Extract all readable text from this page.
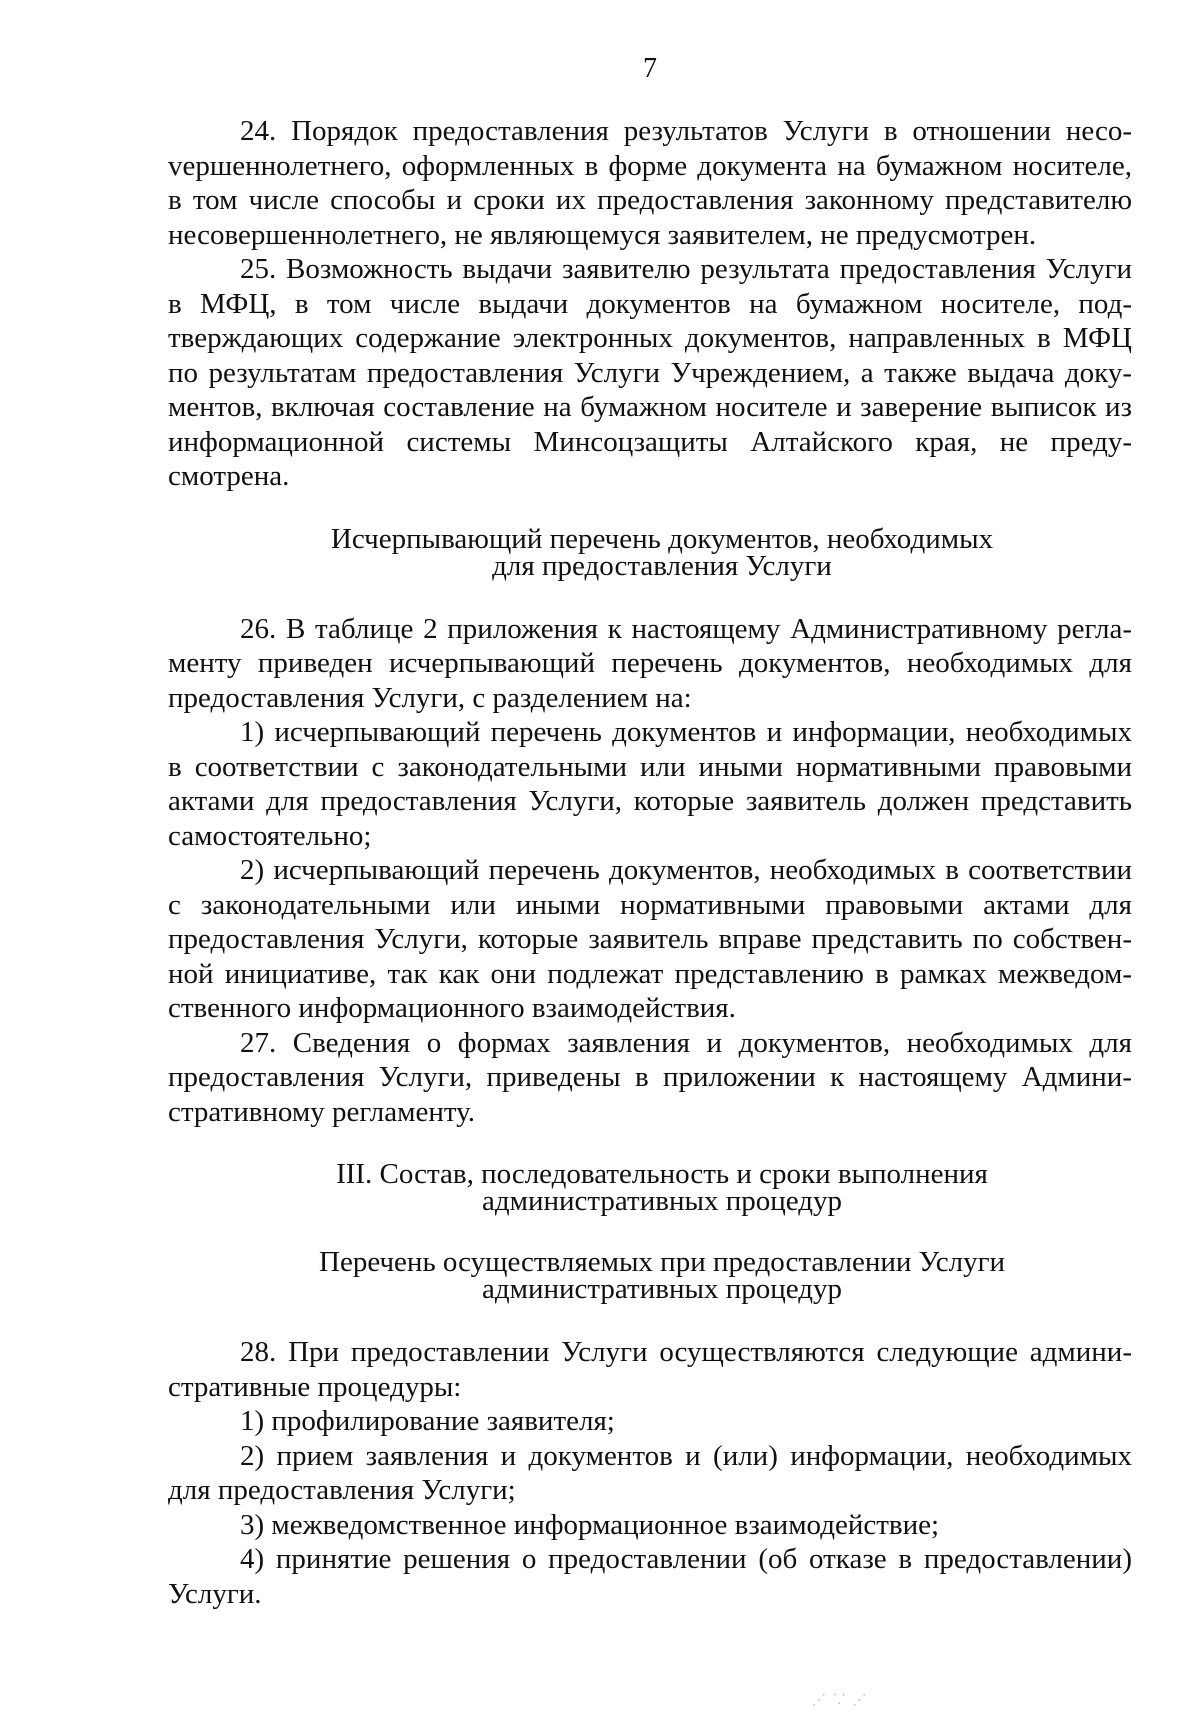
7

24. Порядок предоставления результатов Услуги в отношении несоvершеннолетнего, оформленных в форме документа на бумажном носителе, в том числе способы и сроки их предоставления законному представителю несовершеннолетнего, не являющемуся заявителем, не предусмотрен.

25. Возможность выдачи заявителю результата предоставления Услуги в МФЦ, в том числе выдачи документов на бумажном носителе, подтверждающих содержание электронных документов, направленных в МФЦ по результатам предоставления Услуги Учреждением, а также выдача документов, включая составление на бумажном носителе и заверение выписок из информационной системы Минсоцзащиты Алтайского края, не предусмотрена.

Исчерпывающий перечень документов, необходимых

для предоставления Услуги

26. В таблице 2 приложения к настоящему Административному регламенту приведен исчерпывающий перечень документов, необходимых для предоставления Услуги, с разделением на:

1) исчерпывающий перечень документов и информации, необходимых в соответствии с законодательными или иными нормативными правовыми актами для предоставления Услуги, которые заявитель должен представить самостоятельно;

2) исчерпывающий перечень документов, необходимых в соответствии с законодательными или иными нормативными правовыми актами для предоставления Услуги, которые заявитель вправе представить по собственной инициативе, так как они подлежат представлению в рамках межведомственного информационного взаимодействия.

27. Сведения о формах заявления и документов, необходимых для предоставления Услуги, приведены в приложении к настоящему Административному регламенту.

III. Состав, последовательность и сроки выполнения

административных процедур

Перечень осуществляемых при предоставлении Услуги

административных процедур

28. При предоставлении Услуги осуществляются следующие административные процедуры:

1) профилирование заявителя;

2) прием заявления и документов и (или) информации, необходимых для предоставления Услуги;

3) межведомственное информационное взаимодействие;

4) принятие решения о предоставлении (об отказе в предоставлении) Услуги.

⋰ ⸪ ⋰
